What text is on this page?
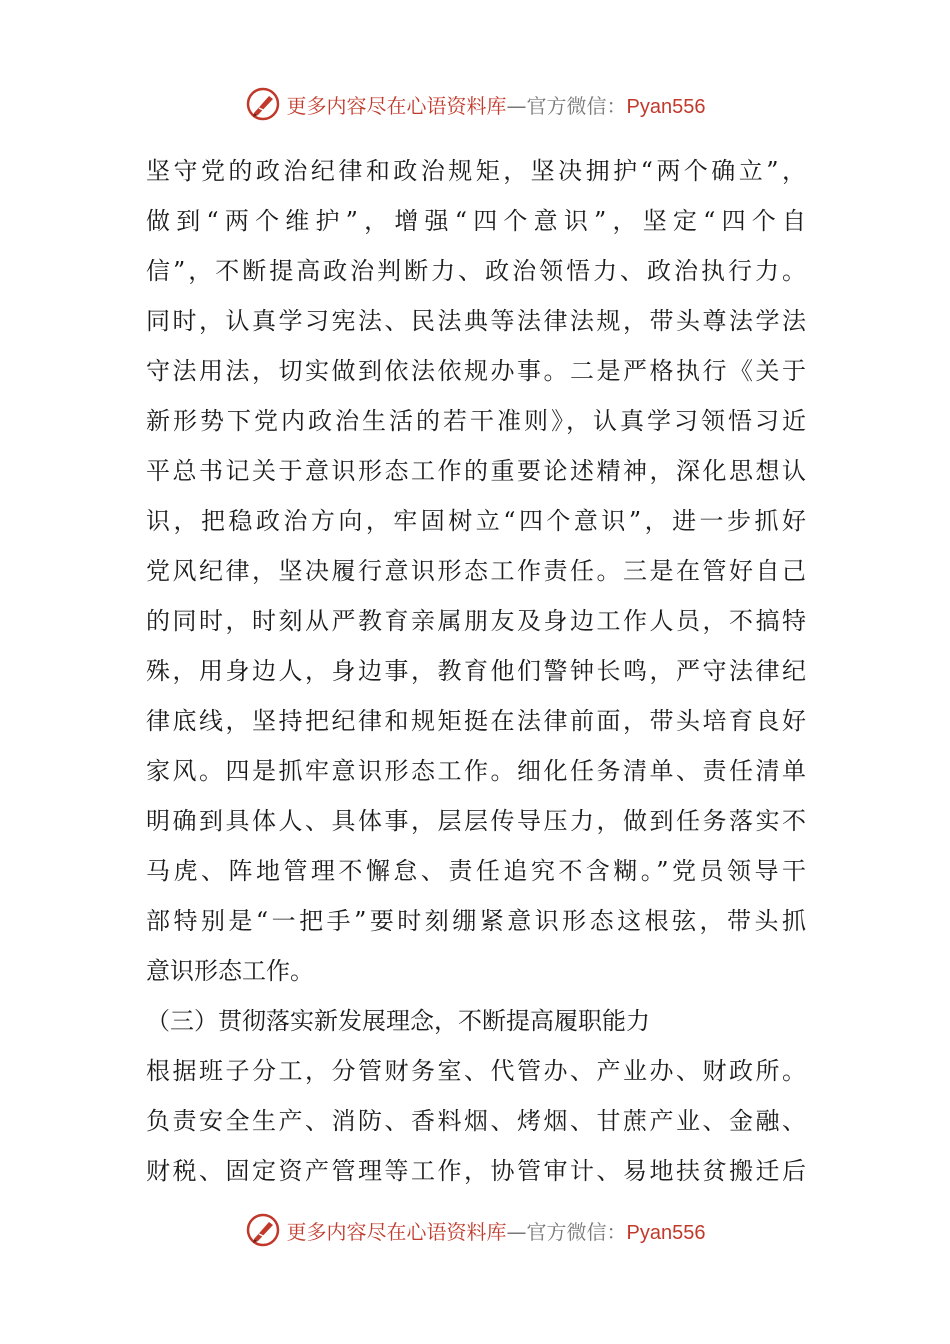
更多内容尽在心语资料库 — 官方微信： Pyan556
坚守党的政治纪律和政治规矩，坚决拥护“两个确立”，
做到“两个维护”，增强“四个意识”，坚定“四个自
信”，不断提高政治判断力、政治领悟力、政治执行力。
同时，认真学习宪法、民法典等法律法规，带头尊法学法
守法用法，切实做到依法依规办事。二是严格执行《关于
新形势下党内政治生活的若干准则》，认真学习领悟习近
平总书记关于意识形态工作的重要论述精神，深化思想认
识，把稳政治方向，牢固树立“四个意识”，进一步抓好
党风纪律，坚决履行意识形态工作责任。三是在管好自己
的同时，时刻从严教育亲属朋友及身边工作人员，不搞特
殊，用身边人，身边事，教育他们警钟长鸣，严守法律纪
律底线，坚持把纪律和规矩挺在法律前面，带头培育良好
家风。四是抓牢意识形态工作。细化任务清单、责任清单
明确到具体人、具体事，层层传导压力，做到任务落实不
马虎、阵地管理不懈怠、责任追究不含糊。”党员领导干
部特别是“一把手”要时刻绷紧意识形态这根弦，带头抓
意识形态工作。
（三）贯彻落实新发展理念，不断提高履职能力
根据班子分工，分管财务室、代管办、产业办、财政所。
负责安全生产、消防、香料烟、烤烟、甘蔗产业、金融、
财税、固定资产管理等工作，协管审计、易地扶贫搬迁后
更多内容尽在心语资料库 — 官方微信： Pyan556
